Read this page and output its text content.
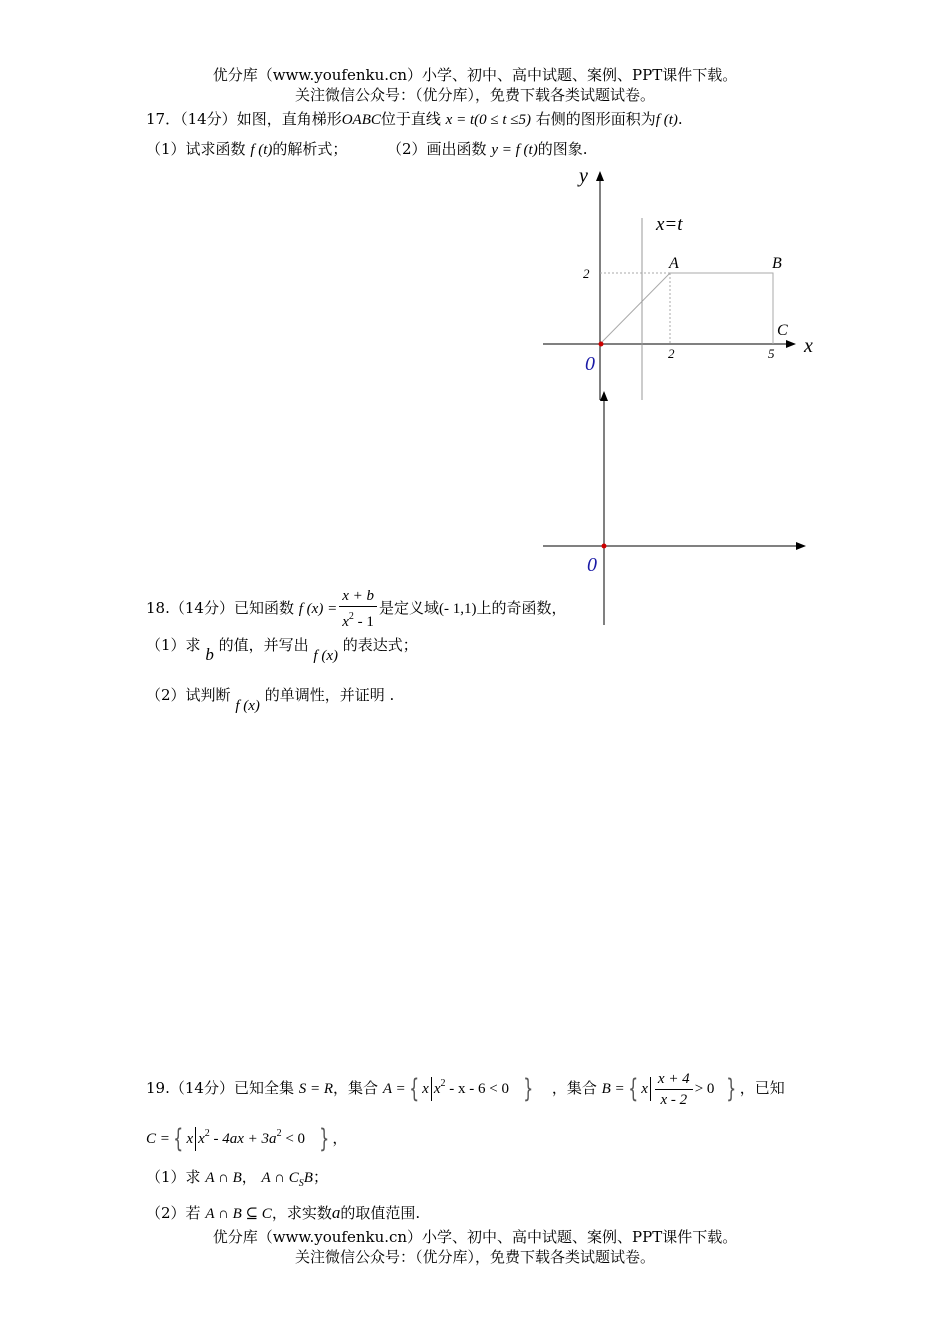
优分库（www.youfenku.cn）小学、初中、高中试题、案例、PPT课件下载。
关注微信公众号：（优分库），免费下载各类试题试卷。
17．（14分）如图，直角梯形OABC位于直线 x = t(0 ≤ t ≤5) 右侧的图形面积为f (t).
（1）试求函数 f (t)的解析式；	（2）画出函数 y = f (t)的图象.
y
x
x=t
A	B
C
0
2
2	5
0
18.（14分）已知函数 f $(x) = \frac{x + b}{x^2 - 1}$ 是定义域(- 1,1)上的奇函数，
（1）求 b 的值，并写出 f (x) 的表达式；
（2）试判断 f (x) 的单调性，并证明 .
19.（14分）已知全集 S = R，集合 A = { x $x^2 - x - 6 < 0$ } ，集合 B = { x $\frac{x + 4}{x - 2} > 0$ } ，已知
C = { x $x^2 - 4ax + 3a^2 < 0$ } ，
（1）求 A ∩ B， A ∩ $C_SB$；
（2）若 A ∩ B ⊆ C，求实数a的取值范围.
优分库（www.youfenku.cn）小学、初中、高中试题、案例、PPT课件下载。
关注微信公众号：（优分库），免费下载各类试题试卷。
